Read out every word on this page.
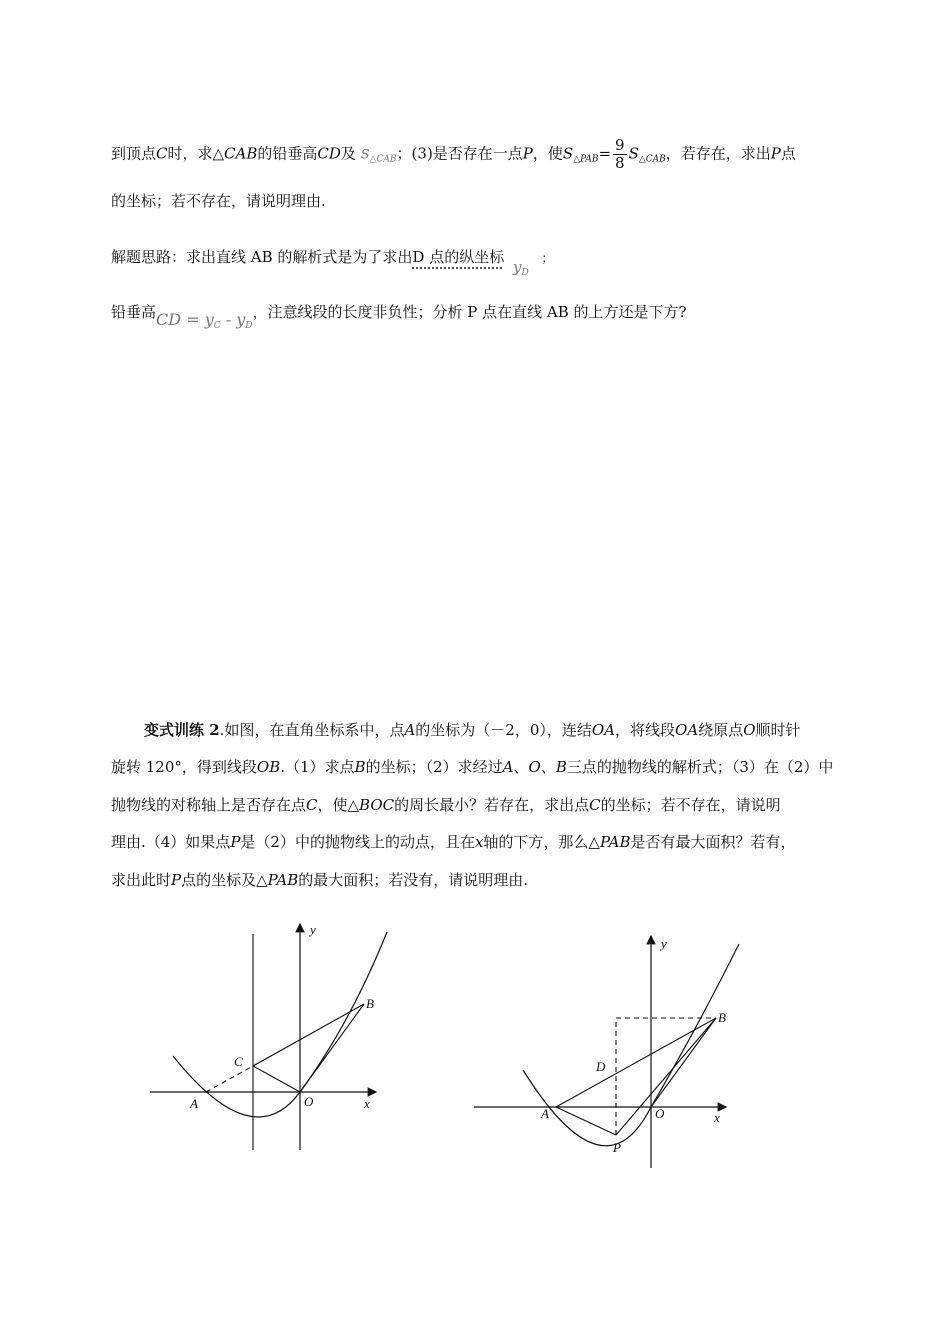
到顶点C时，求△CAB的铅垂高CD及 $S_{\triangle CAB}$；(3)是否存在一点P，使$S_{\triangle PAB}= \frac{9}{8} S_{\triangle CAB}$，若存在，求出P点
的坐标；若不存在，请说明理由.
解题思路：求出直线 AB 的解析式是为了求出D 点的纵坐标 $y_D$ ；
铅垂高CD = $y_C - y_D$，注意线段的长度非负性；分析 P 点在直线 AB 的上方还是下方?
变式训练 2.如图，在直角坐标系中，点A的坐标为（－2，0），连结OA，将线段OA绕原点O顺时针
旋转 120°，得到线段OB.（1）求点B的坐标；（2）求经过A、O、B三点的抛物线的解析式；（3）在（2）中
抛物线的对称轴上是否存在点C，使△BOC的周长最小？若存在，求出点C的坐标；若不存在，请说明
理由.（4）如果点P是（2）中的抛物线上的动点，且在x轴的下方，那么△PAB是否有最大面积？若有，
求出此时P点的坐标及△PAB的最大面积；若没有，请说明理由.
y
x
A	O
B
C
y
x
A	O
B
D
P
